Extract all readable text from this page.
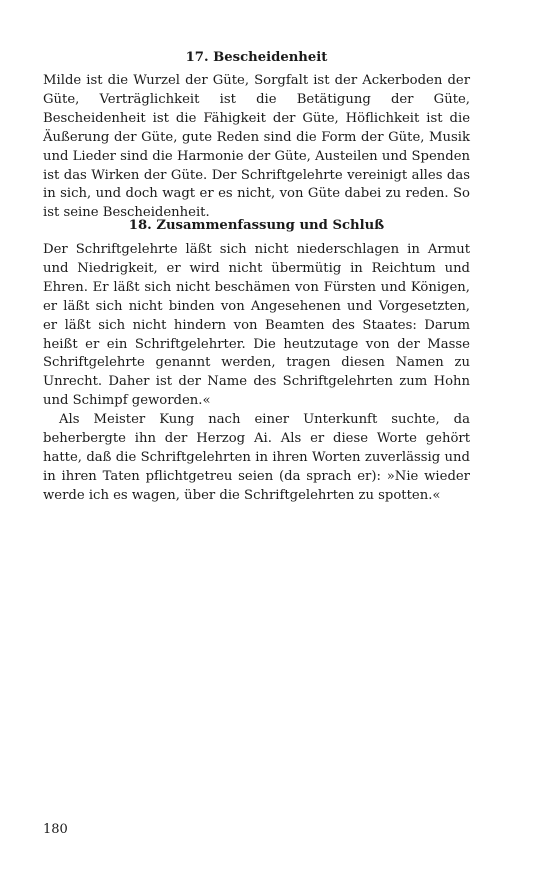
17. Bescheidenheit

Milde ist die Wurzel der Güte, Sorgfalt ist der Ackerboden der Güte, Verträglichkeit ist die Betätigung der Güte, Bescheidenheit ist die Fähigkeit der Güte, Höflichkeit ist die Äußerung der Güte, gute Reden sind die Form der Güte, Musik und Lieder sind die Harmonie der Güte, Austeilen und Spenden ist das Wirken der Güte. Der Schriftgelehrte vereinigt alles das in sich, und doch wagt er es nicht, von Güte dabei zu reden. So ist seine Bescheidenheit.

18. Zusammenfassung und Schluß

Der Schriftgelehrte läßt sich nicht niederschlagen in Armut und Niedrigkeit, er wird nicht übermütig in Reichtum und Ehren. Er läßt sich nicht beschämen von Fürsten und Königen, er läßt sich nicht binden von Angesehenen und Vorgesetzten, er läßt sich nicht hindern von Beamten des Staates: Darum heißt er ein Schriftgelehrter. Die heutzutage von der Masse Schriftgelehrte genannt werden, tragen diesen Namen zu Unrecht. Daher ist der Name des Schriftgelehrten zum Hohn und Schimpf geworden.«

Als Meister Kung nach einer Unterkunft suchte, da beherbergte ihn der Herzog Ai. Als er diese Worte gehört hatte, daß die Schriftgelehrten in ihren Worten zuverlässig und in ihren Taten pflichtgetreu seien (da sprach er): »Nie wieder werde ich es wagen, über die Schriftgelehrten zu spotten.«

180
